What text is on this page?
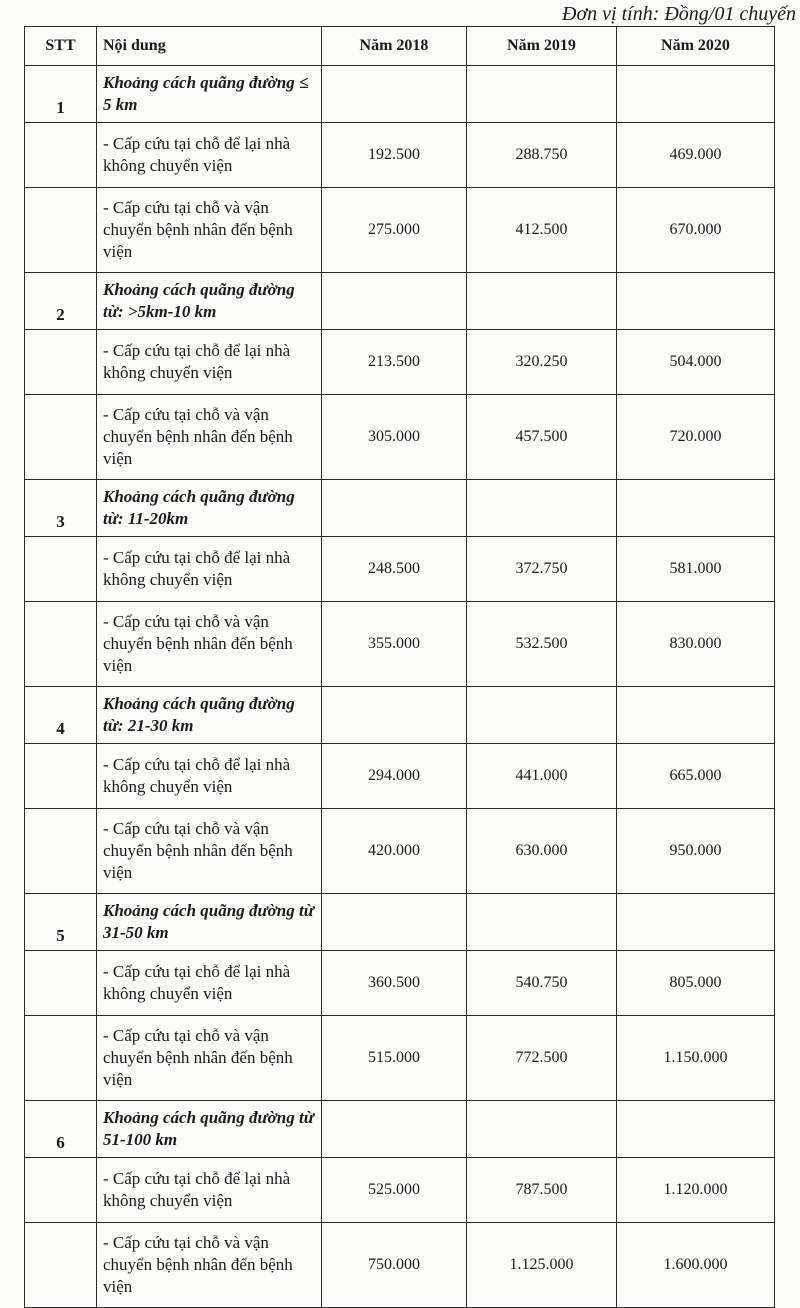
Đơn vị tính: Đồng/01 chuyến
STT	Nội dung	Năm 2018	Năm 2019	Năm 2020
1	Khoảng cách quãng đường ≤ 5 km			
	- Cấp cứu tại chỗ để lại nhà không chuyển viện	192.500	288.750	469.000
	- Cấp cứu tại chỗ và vận chuyển bệnh nhân đến bệnh viện	275.000	412.500	670.000
2	Khoảng cách quãng đường từ: >5km-10 km			
	- Cấp cứu tại chỗ để lại nhà không chuyển viện	213.500	320.250	504.000
	- Cấp cứu tại chỗ và vận chuyển bệnh nhân đến bệnh viện	305.000	457.500	720.000
3	Khoảng cách quãng đường từ: 11-20km			
	- Cấp cứu tại chỗ để lại nhà không chuyển viện	248.500	372.750	581.000
	- Cấp cứu tại chỗ và vận chuyển bệnh nhân đến bệnh viện	355.000	532.500	830.000
4	Khoảng cách quãng đường từ: 21-30 km			
	- Cấp cứu tại chỗ để lại nhà không chuyển viện	294.000	441.000	665.000
	- Cấp cứu tại chỗ và vận chuyển bệnh nhân đến bệnh viện	420.000	630.000	950.000
5	Khoảng cách quãng đường từ 31-50 km			
	- Cấp cứu tại chỗ để lại nhà không chuyển viện	360.500	540.750	805.000
	- Cấp cứu tại chỗ và vận chuyển bệnh nhân đến bệnh viện	515.000	772.500	1.150.000
6	Khoảng cách quãng đường từ 51-100 km			
	- Cấp cứu tại chỗ để lại nhà không chuyển viện	525.000	787.500	1.120.000
	- Cấp cứu tại chỗ và vận chuyển bệnh nhân đến bệnh viện	750.000	1.125.000	1.600.000
